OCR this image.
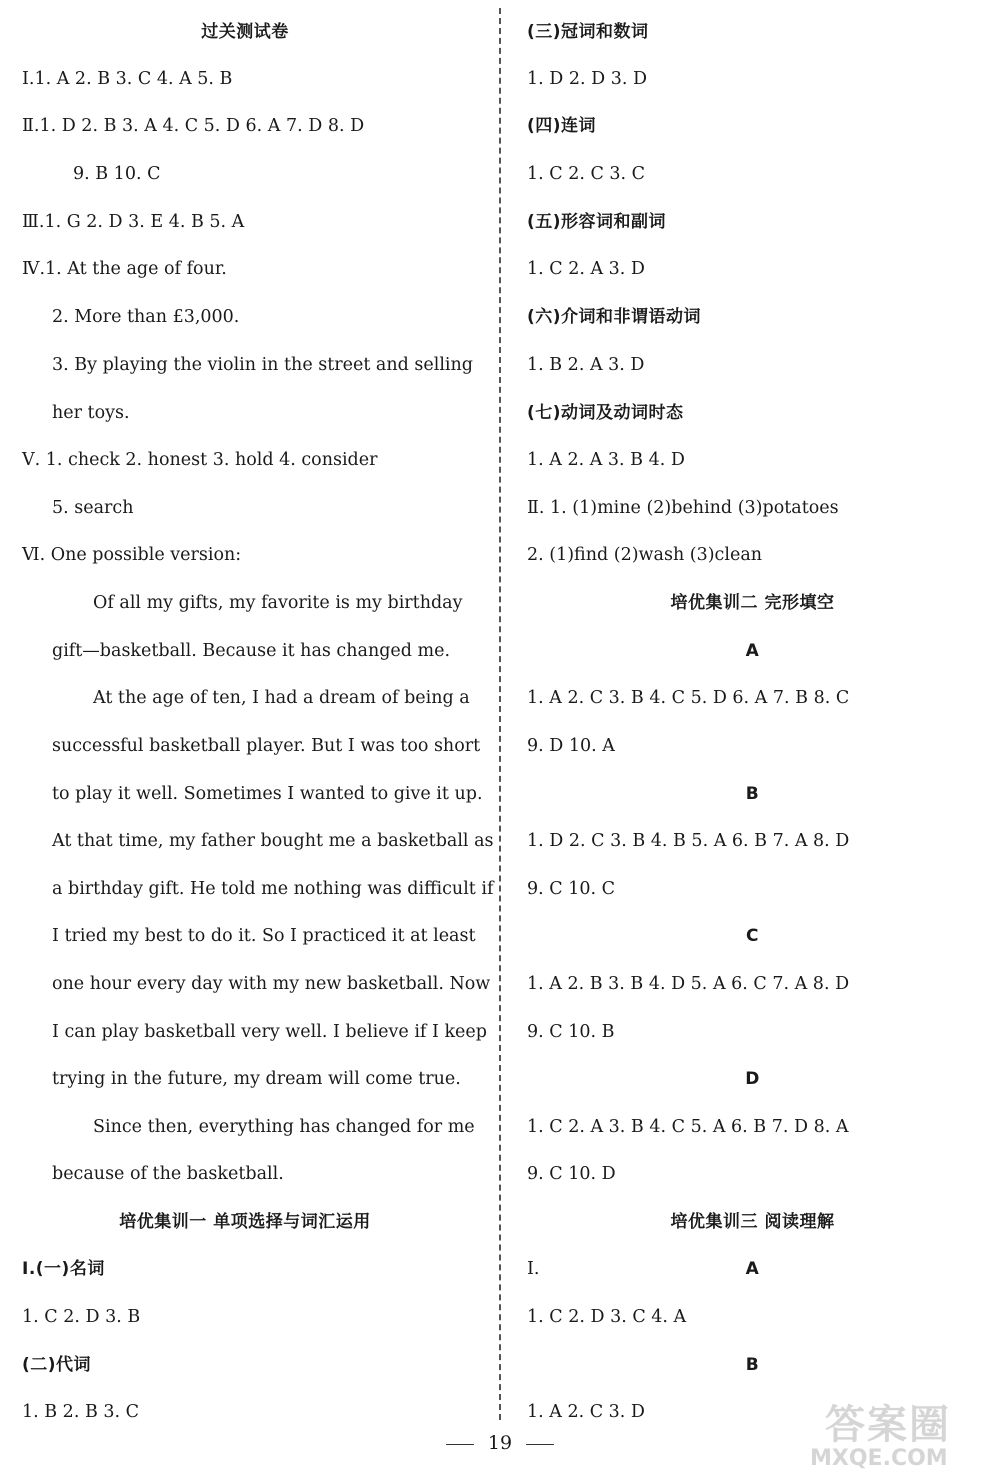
过关测试卷
Ⅰ.1. A 2. B 3. C 4. A 5. B
Ⅱ.1. D 2. B 3. A 4. C 5. D 6. A 7. D 8. D
9. B 10. C
Ⅲ.1. G 2. D 3. E 4. B 5. A
Ⅳ.1. At the age of four.
2. More than £3,000.
3. By playing the violin in the street and selling
her toys.
Ⅴ. 1. check 2. honest 3. hold 4. consider
5. search
Ⅵ. One possible version:
Of all my gifts, my favorite is my birthday
gift—basketball. Because it has changed me.
At the age of ten, I had a dream of being a
successful basketball player. But I was too short
to play it well. Sometimes I wanted to give it up.
At that time, my father bought me a basketball as
a birthday gift. He told me nothing was difficult if
I tried my best to do it. So I practiced it at least
one hour every day with my new basketball. Now
I can play basketball very well. I believe if I keep
trying in the future, my dream will come true.
Since then, everything has changed for me
because of the basketball.
培优集训一 单项选择与词汇运用
Ⅰ.(一)名词
1. C 2. D 3. B
(二)代词
1. B 2. B 3. C
(三)冠词和数词
1. D 2. D 3. D
(四)连词
1. C 2. C 3. C
(五)形容词和副词
1. C 2. A 3. D
(六)介词和非谓语动词
1. B 2. A 3. D
(七)动词及动词时态
1. A 2. A 3. B 4. D
Ⅱ. 1. (1)mine (2)behind (3)potatoes
2. (1)find (2)wash (3)clean
培优集训二 完形填空
A
1. A 2. C 3. B 4. C 5. D 6. A 7. B 8. C
9. D 10. A
B
1. D 2. C 3. B 4. B 5. A 6. B 7. A 8. D
9. C 10. C
C
1. A 2. B 3. B 4. D 5. A 6. C 7. A 8. D
9. C 10. B
D
1. C 2. A 3. B 4. C 5. A 6. B 7. D 8. A
9. C 10. D
培优集训三 阅读理解
Ⅰ.	A
1. C 2. D 3. C 4. A
B
1. A 2. C 3. D
19	答案圈
MXQE.COM
